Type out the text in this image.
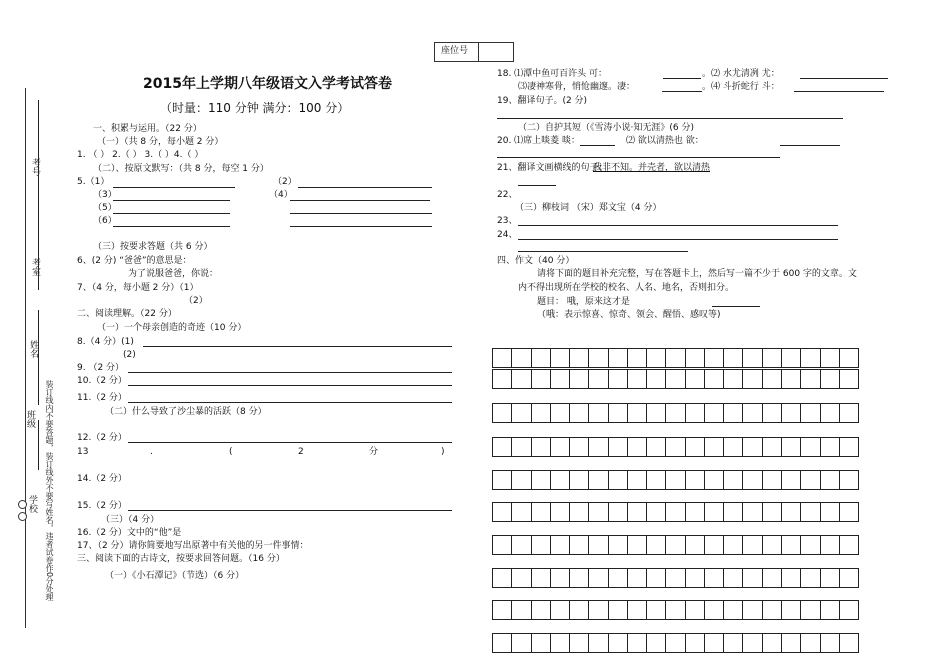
座位号
考号
考室
姓名
班级
学校 装订线内不要答题，装订线外不要写姓名，违者试卷作0分处理
2015年上学期八年级语文入学考试答卷
（时量：110 分钟 满分：100 分）
一、积累与运用。（22 分）
（一）（共 8 分，每小题 2 分）
1. （ ） 2.（ ） 3.（ ）4.（ ）
（二）、按原文默写：（共 8 分，每空 1 分）
5.（1）	（2）
（3）	（4）
（5）
（6）
（三）按要求答题（共 6 分）
6、(2 分) “爸爸”的意思是：
为了说服爸爸，你说：
7、（4 分，每小题 2 分）（1）
（2）
二、阅读理解。（22 分）
（一）一个母亲创造的奇迹（10 分）
8.（4 分）(1)
(2)
9. （2 分）
10.（2 分）
11.（2 分）
（二）什么导致了沙尘暴的活跃（8 分）
12.（2 分）
13	.	(	2	分	)
14.（2 分）
15.（2 分）
（三）（4 分）
16.（2 分）文中的“他”是
17、（2 分）请你简要地写出原著中有关他的另一件事情：
三、阅读下面的古诗文，按要求回答问题。（16 分）
（一）《小石潭记》（节选）（6 分）
18. ⑴潭中鱼可百许头 可：	。⑵ 水尤清冽 尤：
⑶凄神寒骨，悄怆幽邃。凄：	。⑷ 斗折蛇行 斗：
19、翻译句子。(2 分)
（二）自护其短（《雪涛小说·知无涯》(6 分)
20. ⑴席上啖菱 啖：	⑵ 欲以清热也 欲：
21、翻译文画横线的句子：
我非不知。并壳者，欲以清热
22、
（三）柳枝词 （宋）郑文宝（4 分）
23、
24、
四、作文（40 分）
请将下面的题目补充完整，写在答题卡上，然后写一篇不少于 600 字的文章。文
内不得出现所在学校的校名、人名、地名，否则扣分。
题目： 哦，原来这才是
（哦：表示惊喜、惊奇、领会、醒悟、感叹等)
